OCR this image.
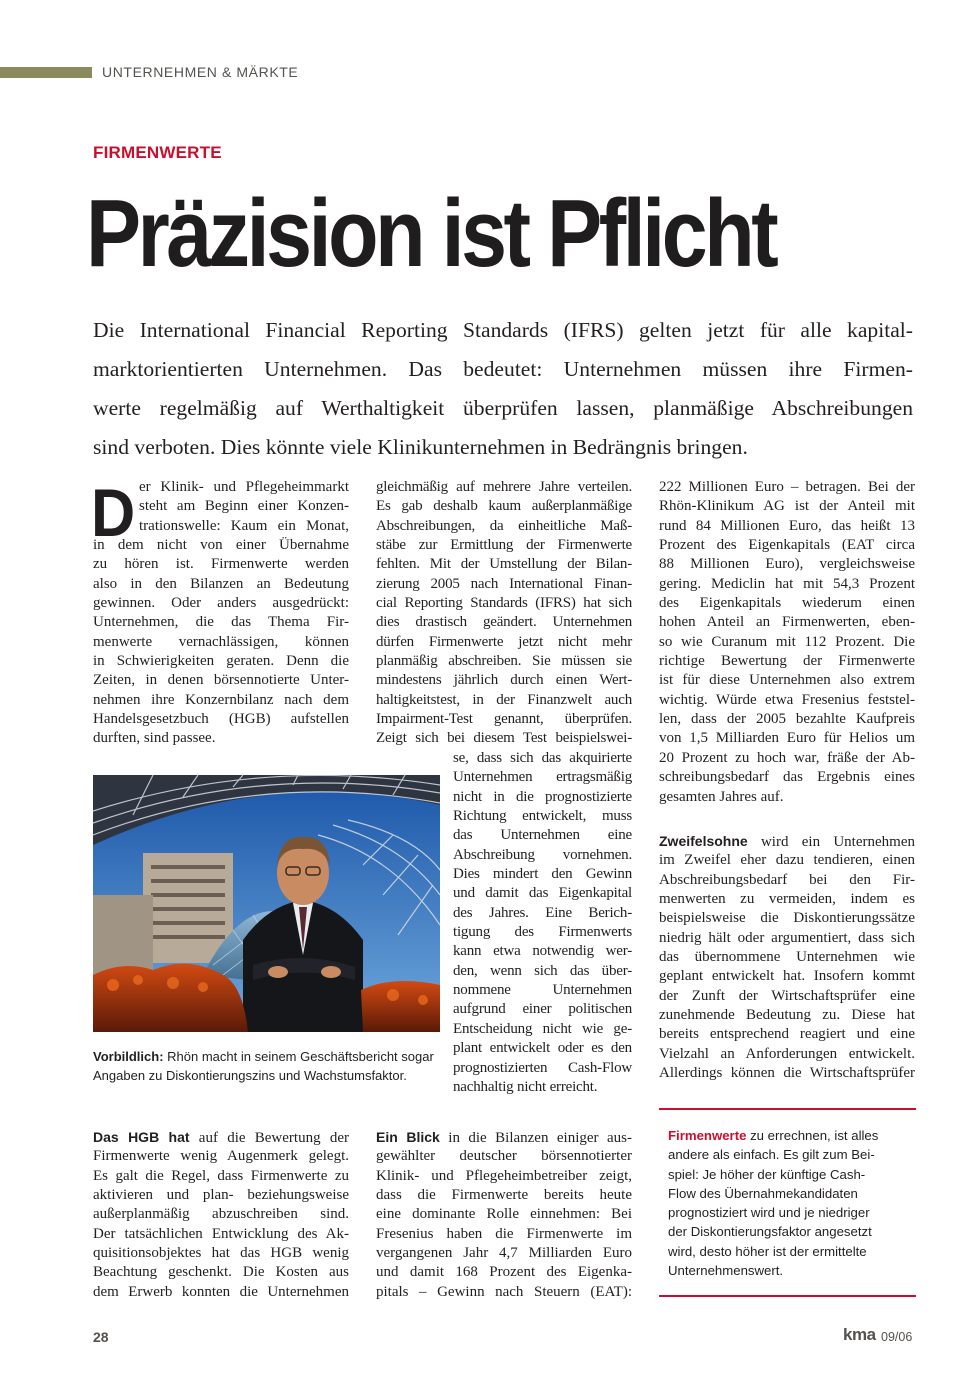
UNTERNEHMEN & MÄRKTE
FIRMENWERTE
Präzision ist Pflicht
Die International Financial Reporting Standards (IFRS) gelten jetzt für alle kapital-
marktorientierten Unternehmen. Das bedeutet: Unternehmen müssen ihre Firmen-
werte regelmäßig auf Werthaltigkeit überprüfen lassen, planmäßige Abschreibungen
sind verboten. Dies könnte viele Klinikunternehmen in Bedrängnis bringen.
D er Klinik- und Pflegeheimmarkt
steht am Beginn einer Konzen-
trationswelle: Kaum ein Monat,
in dem nicht von einer Übernahme
zu hören ist. Firmenwerte werden
also in den Bilanzen an Bedeutung
gewinnen. Oder anders ausgedrückt:
Unternehmen, die das Thema Fir-
menwerte vernachlässigen, können
in Schwierigkeiten geraten. Denn die
Zeiten, in denen börsennotierte Unter-
nehmen ihre Konzernbilanz nach dem
Handelsgesetzbuch (HGB) aufstellen
durften, sind passee.
Vorbildlich: Rhön macht in seinem Geschäftsbericht sogar
Angaben zu Diskontierungszins und Wachstumsfaktor.
Das HGB hat auf die Bewertung der
Firmenwerte wenig Augenmerk gelegt.
Es galt die Regel, dass Firmenwerte zu
aktivieren und plan- beziehungsweise
außerplanmäßig abzuschreiben sind.
Der tatsächlichen Entwicklung des Ak-
quisitionsobjektes hat das HGB wenig
Beachtung geschenkt. Die Kosten aus
dem Erwerb konnten die Unternehmen
gleichmäßig auf mehrere Jahre verteilen.
Es gab deshalb kaum außerplanmäßige
Abschreibungen, da einheitliche Maß-
stäbe zur Ermittlung der Firmenwerte
fehlten. Mit der Umstellung der Bilan-
zierung 2005 nach International Finan-
cial Reporting Standards (IFRS) hat sich
dies drastisch geändert. Unternehmen
dürfen Firmenwerte jetzt nicht mehr
planmäßig abschreiben. Sie müssen sie
mindestens jährlich durch einen Wert-
haltigkeitstest, in der Finanzwelt auch
Impairment-Test genannt, überprüfen.
Zeigt sich bei diesem Test beispielswei-
se, dass sich das akquirierte
Unternehmen ertragsmäßig
nicht in die prognostizierte
Richtung entwickelt, muss
das Unternehmen eine
Abschreibung vornehmen.
Dies mindert den Gewinn
und damit das Eigenkapital
des Jahres. Eine Berich-
tigung des Firmenwerts
kann etwa notwendig wer-
den, wenn sich das über-
nommene Unternehmen
aufgrund einer politischen
Entscheidung nicht wie ge-
plant entwickelt oder es den
prognostizierten Cash-Flow
nachhaltig nicht erreicht.
Ein Blick in die Bilanzen einiger aus-
gewählter deutscher börsennotierter
Klinik- und Pflegeheimbetreiber zeigt,
dass die Firmenwerte bereits heute
eine dominante Rolle einnehmen: Bei
Fresenius haben die Firmenwerte im
vergangenen Jahr 4,7 Milliarden Euro
und damit 168 Prozent des Eigenka-
pitals – Gewinn nach Steuern (EAT):
222 Millionen Euro – betragen. Bei der
Rhön-Klinikum AG ist der Anteil mit
rund 84 Millionen Euro, das heißt 13
Prozent des Eigenkapitals (EAT circa
88 Millionen Euro), vergleichsweise
gering. Mediclin hat mit 54,3 Prozent
des Eigenkapitals wiederum einen
hohen Anteil an Firmenwerten, eben-
so wie Curanum mit 112 Prozent. Die
richtige Bewertung der Firmenwerte
ist für diese Unternehmen also extrem
wichtig. Würde etwa Fresenius feststel-
len, dass der 2005 bezahlte Kaufpreis
von 1,5 Milliarden Euro für Helios um
20 Prozent zu hoch war, fräße der Ab-
schreibungsbedarf das Ergebnis eines
gesamten Jahres auf.
Zweifelsohne wird ein Unternehmen
im Zweifel eher dazu tendieren, einen
Abschreibungsbedarf bei den Fir-
menwerten zu vermeiden, indem es
beispielsweise die Diskontierungssätze
niedrig hält oder argumentiert, dass sich
das übernommene Unternehmen wie
geplant entwickelt hat. Insofern kommt
der Zunft der Wirtschaftsprüfer eine
zunehmende Bedeutung zu. Diese hat
bereits entsprechend reagiert und eine
Vielzahl an Anforderungen entwickelt.
Allerdings können die Wirtschaftsprüfer
Firmenwerte zu errechnen, ist alles
andere als einfach. Es gilt zum Bei-
spiel: Je höher der künftige Cash-
Flow des Übernahmekandidaten
prognostiziert wird und je niedriger
der Diskontierungsfaktor angesetzt
wird, desto höher ist der ermittelte
Unternehmenswert.
28	kma 09/06
